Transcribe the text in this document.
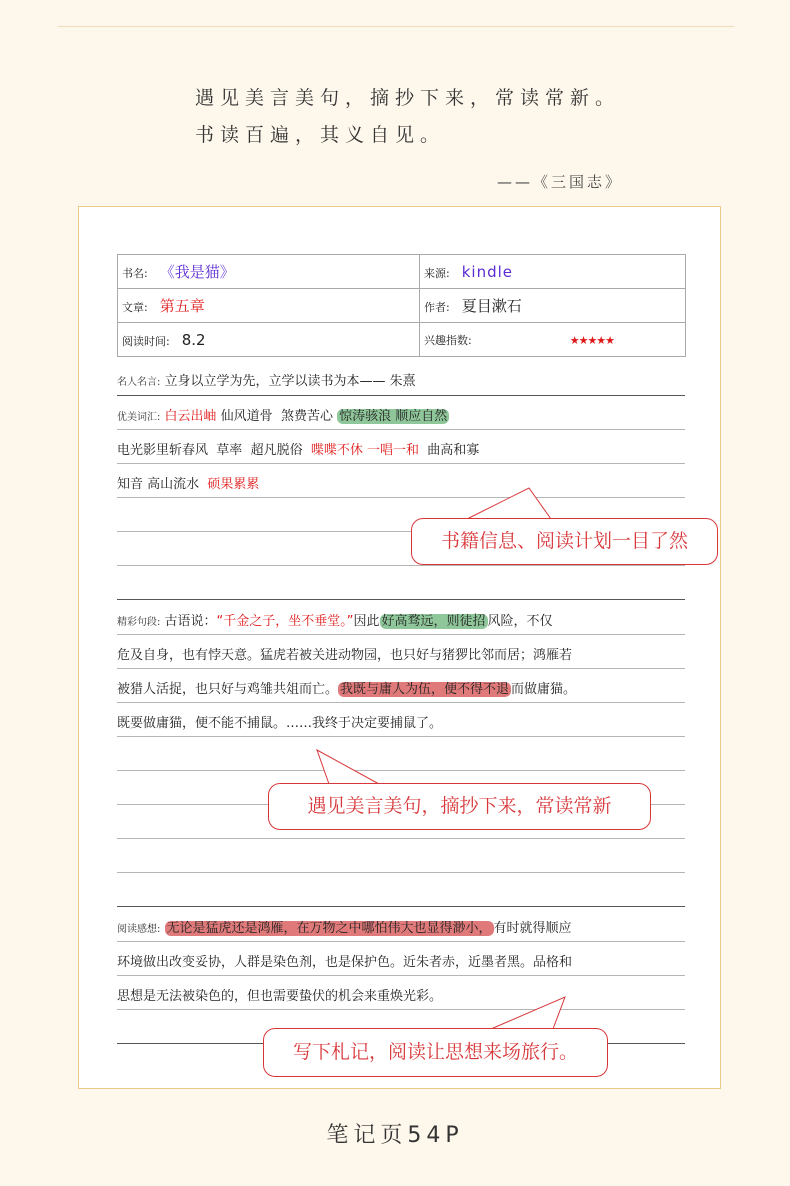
遇见美言美句，摘抄下来，常读常新。
书读百遍，其义自见。
——《三国志》
书名: 《我是猫》	来源: kindle
文章: 第五章	作者: 夏目漱石
阅读时间: 8.2	兴趣指数: ★★★★★
名人名言: 立身以立学为先，立学以读书为本—— 朱熹
优美词汇: 白云出岫 仙风道骨 煞费苦心 惊涛骇浪 顺应自然
电光影里斩春风 草率 超凡脱俗 喋喋不休 一唱一和 曲高和寡
知音 高山流水 硕果累累
精彩句段: 古语说：“千金之子，坐不垂堂。”因此 好高骛远，则徒招 风险，不仅
危及自身，也有悖天意。猛虎若被关进动物园，也只好与猪猡比邻而居；鸿雁若
被猎人活捉，也只好与鸡雏共俎而亡。 我既与庸人为伍，便不得不退 而做庸猫。
既要做庸猫，便不能不捕鼠。……我终于决定要捕鼠了。
阅读感想: 无论是猛虎还是鸿雁，在万物之中哪怕伟大也显得渺小， 有时就得顺应
环境做出改变妥协，人群是染色剂，也是保护色。近朱者赤，近墨者黑。品格和
思想是无法被染色的，但也需要蛰伏的机会来重焕光彩。
书籍信息、阅读计划一目了然
遇见美言美句，摘抄下来，常读常新
写下札记，阅读让思想来场旅行。
笔记页54P
